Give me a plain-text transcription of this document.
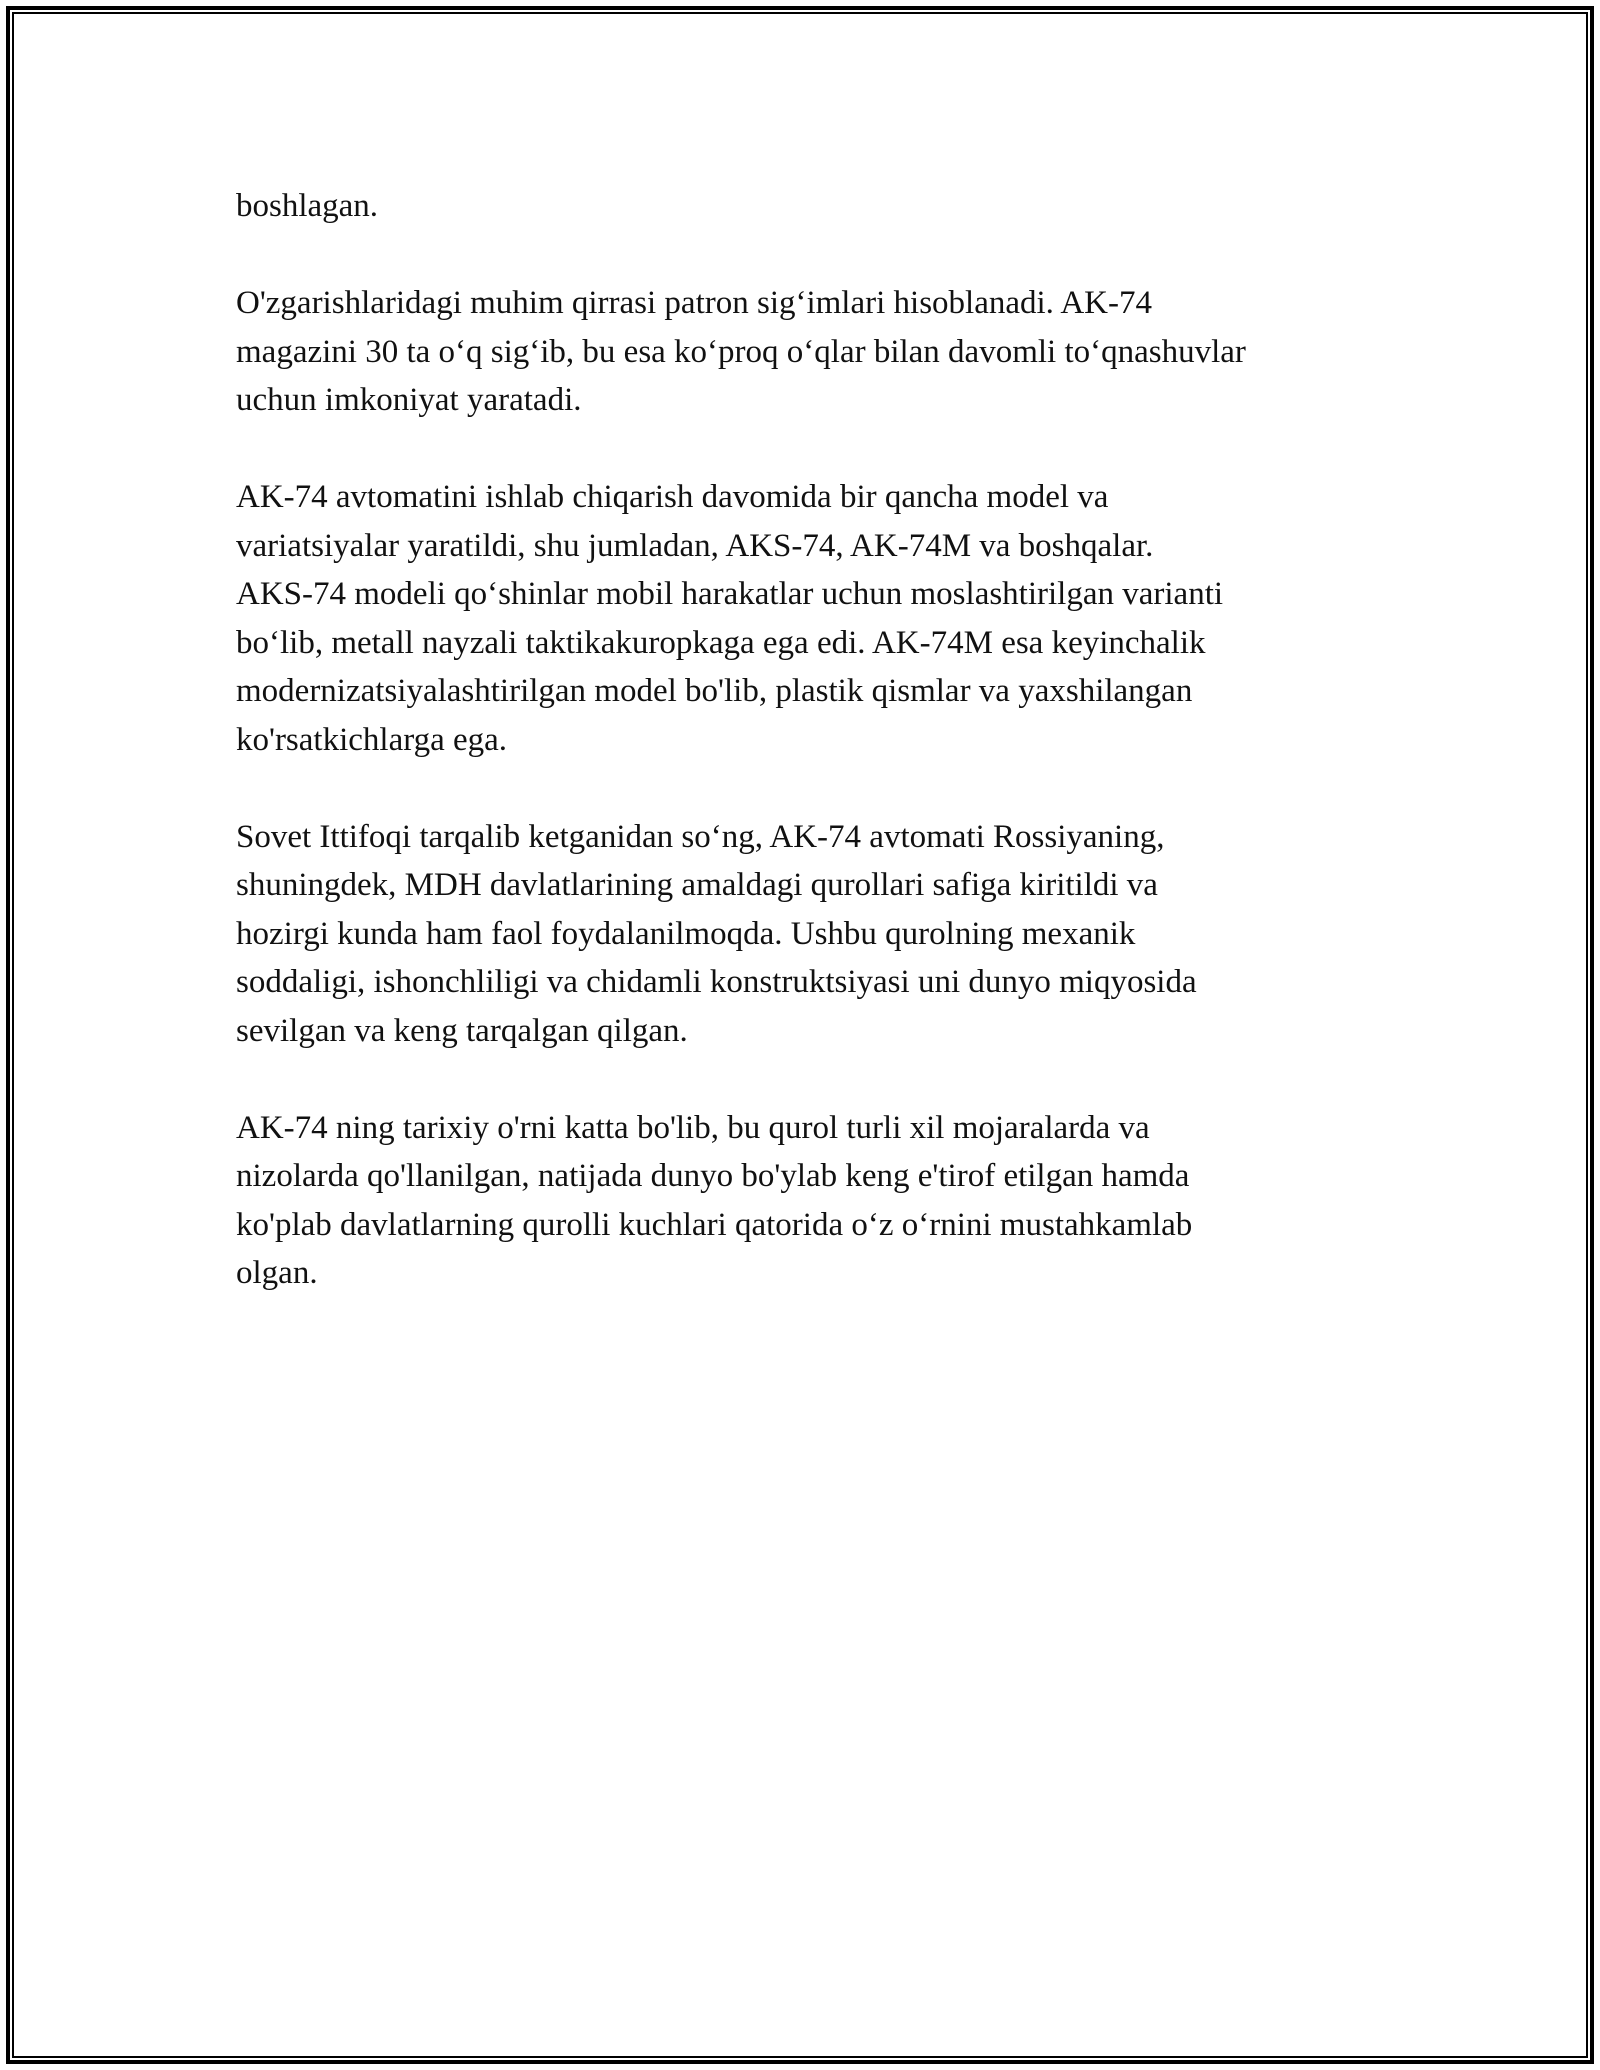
boshlagan.

O'zgarishlaridagi muhim qirrasi patron sig‘imlari hisoblanadi. AK-74
magazini 30 ta o‘q sig‘ib, bu esa ko‘proq o‘qlar bilan davomli to‘qnashuvlar
uchun imkoniyat yaratadi.

AK-74 avtomatini ishlab chiqarish davomida bir qancha model va
variatsiyalar yaratildi, shu jumladan, AKS-74, AK-74M va boshqalar.
AKS-74 modeli qo‘shinlar mobil harakatlar uchun moslashtirilgan varianti
bo‘lib, metall nayzali taktikakuropkaga ega edi. AK-74M esa keyinchalik
modernizatsiyalashtirilgan model bo'lib, plastik qismlar va yaxshilangan
ko'rsatkichlarga ega.

Sovet Ittifoqi tarqalib ketganidan so‘ng, AK-74 avtomati Rossiyaning,
shuningdek, MDH davlatlarining amaldagi qurollari safiga kiritildi va
hozirgi kunda ham faol foydalanilmoqda. Ushbu qurolning mexanik
soddaligi, ishonchliligi va chidamli konstruktsiyasi uni dunyo miqyosida
sevilgan va keng tarqalgan qilgan.

AK-74 ning tarixiy o'rni katta bo'lib, bu qurol turli xil mojaralarda va
nizolarda qo'llanilgan, natijada dunyo bo'ylab keng e'tirof etilgan hamda
ko'plab davlatlarning qurolli kuchlari qatorida o‘z o‘rnini mustahkamlab
olgan.
